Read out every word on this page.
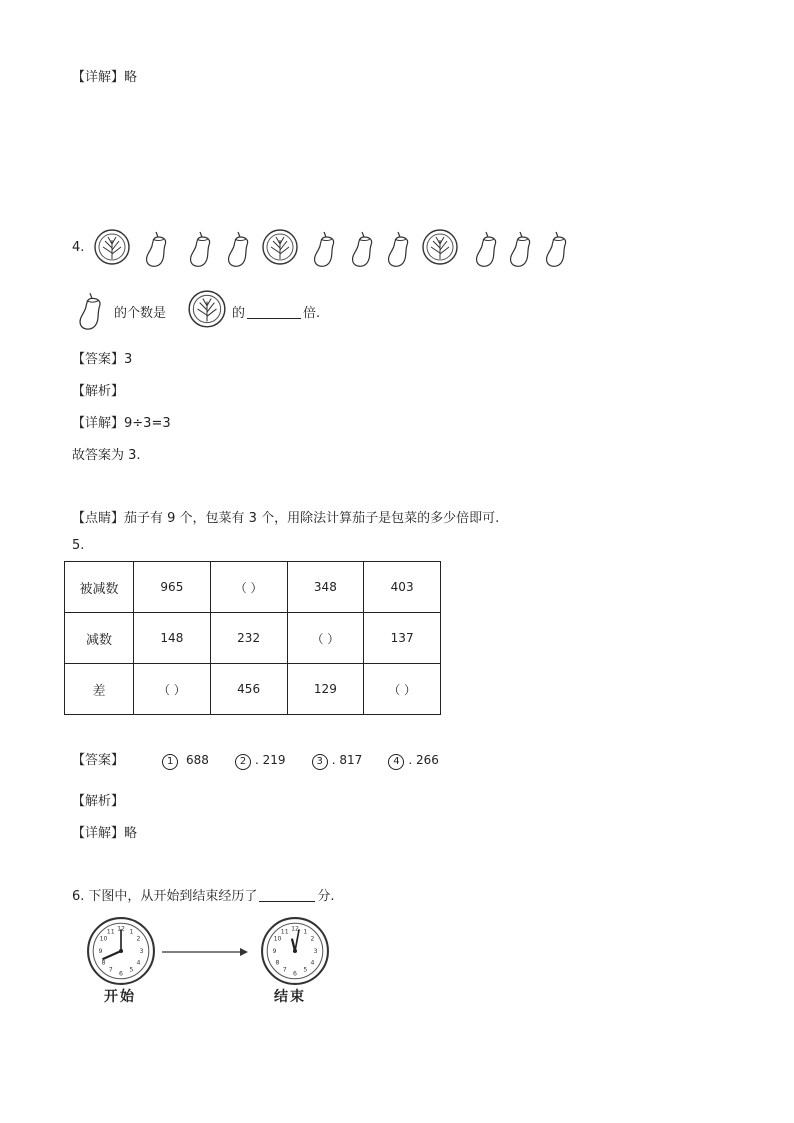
【详解】略
4.
的个数是	的	倍.
【答案】3
【解析】
【详解】9÷3=3
故答案为 3.
【点睛】茄子有 9 个，包菜有 3 个，用除法计算茄子是包菜的多少倍即可.
5.
被减数	965	（ ）	348	403
减数	148	232	（ ）	137
差	（ ）	456	129	（ ）
【答案】	1 688	2 . 219	3 . 817	4 . 266
【解析】
【详解】略
6. 下图中，从开始到结束经历了	分.
12 1
2
3
4
5
6
7
8
9
10
11	12 1
2
3
4
5
6
7
8
9
10
11
开始	结束
